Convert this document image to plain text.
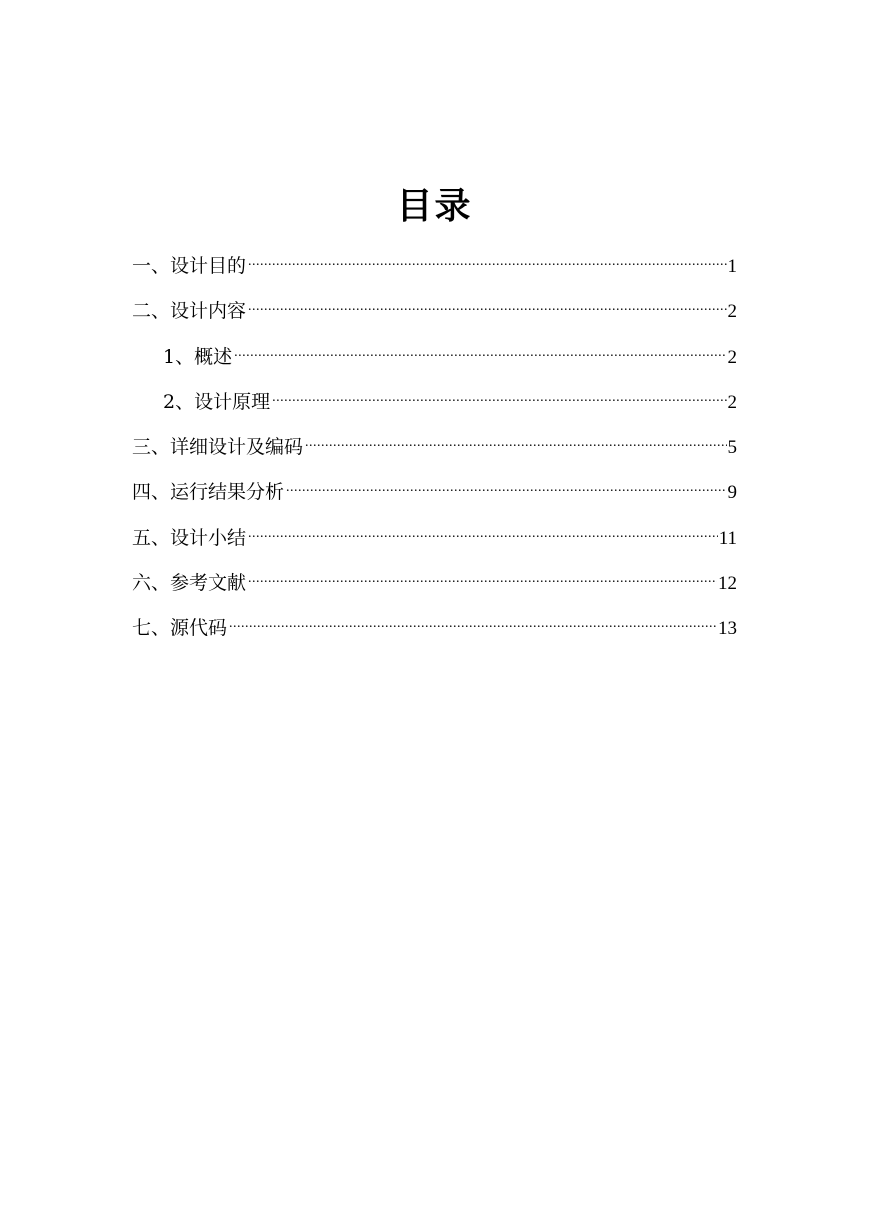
目录
一、设计目的 .....	1
二、设计内容 .....	2
1、概述 .....	2
2、设计原理 .....	2
三、详细设计及编码 .....	5
四、运行结果分析 .....	9
五、设计小结 .....	11
六、参考文献 .....	12
七、源代码 .....	13
